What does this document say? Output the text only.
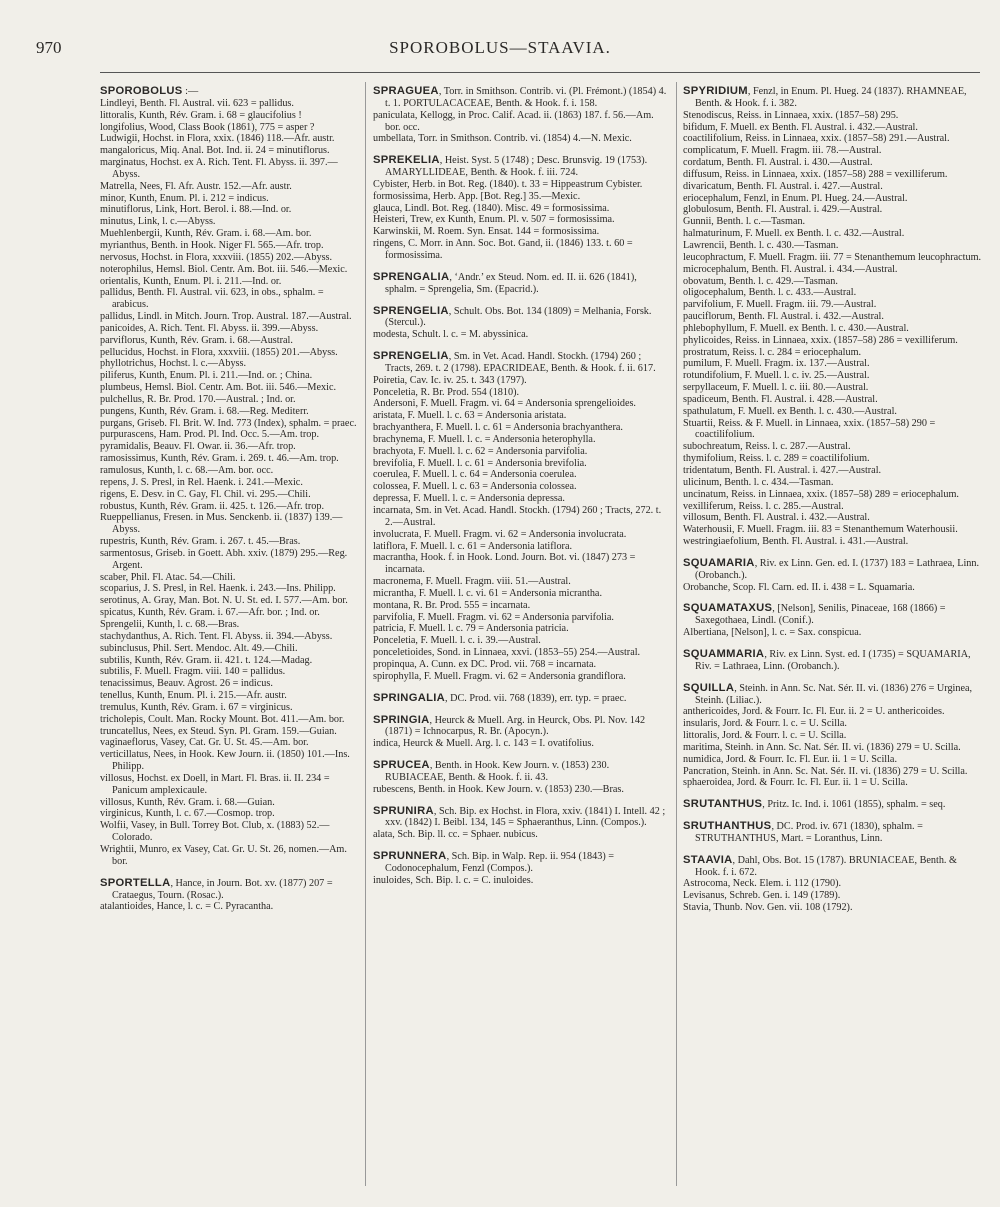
970	SPOROBOLUS—STAAVIA.
SPOROBOLUS :—
Lindleyi, Benth. Fl. Austral. vii. 623 = pallidus.
littoralis, Kunth, Rév. Gram. i. 68 = glaucifolius !
longifolius, Wood, Class Book (1861), 775 = asper ?
Ludwigii, Hochst. in Flora, xxix. (1846) 118.—Afr. austr.
mangaloricus, Miq. Anal. Bot. Ind. ii. 24 = minutiflorus.
marginatus, Hochst. ex A. Rich. Tent. Fl. Abyss. ii. 397.—Abyss.
Matrella, Nees, Fl. Afr. Austr. 152.—Afr. austr.
minor, Kunth, Enum. Pl. i. 212 = indicus.
minutiflorus, Link, Hort. Berol. i. 88.—Ind. or.
minutus, Link, l. c.—Abyss.
Muehlenbergii, Kunth, Rév. Gram. i. 68.—Am. bor.
myrianthus, Benth. in Hook. Niger Fl. 565.—Afr. trop.
nervosus, Hochst. in Flora, xxxviii. (1855) 202.—Abyss.
noterophilus, Hemsl. Biol. Centr. Am. Bot. iii. 546.—Mexic.
orientalis, Kunth, Enum. Pl. i. 211.—Ind. or.
pallidus, Benth. Fl. Austral. vii. 623, in obs., sphalm. = arabicus.
pallidus, Lindl. in Mitch. Journ. Trop. Austral. 187.—Austral.
panicoides, A. Rich. Tent. Fl. Abyss. ii. 399.—Abyss.
parviflorus, Kunth, Rév. Gram. i. 68.—Austral.
pellucidus, Hochst. in Flora, xxxviii. (1855) 201.—Abyss.
phyllotrichus, Hochst. l. c.—Abyss.
piliferus, Kunth, Enum. Pl. i. 211.—Ind. or. ; China.
plumbeus, Hemsl. Biol. Centr. Am. Bot. iii. 546.—Mexic.
pulchellus, R. Br. Prod. 170.—Austral. ; Ind. or.
pungens, Kunth, Rév. Gram. i. 68.—Reg. Mediterr.
purgans, Griseb. Fl. Brit. W. Ind. 773 (Index), sphalm. = praec.
purpurascens, Ham. Prod. Pl. Ind. Occ. 5.—Am. trop.
pyramidalis, Beauv. Fl. Owar. ii. 36.—Afr. trop.
ramosissimus, Kunth, Rév. Gram. i. 269. t. 46.—Am. trop.
ramulosus, Kunth, l. c. 68.—Am. bor. occ.
repens, J. S. Presl, in Rel. Haenk. i. 241.—Mexic.
rigens, E. Desv. in C. Gay, Fl. Chil. vi. 295.—Chili.
robustus, Kunth, Rév. Gram. ii. 425. t. 126.—Afr. trop.
Rueppellianus, Fresen. in Mus. Senckenb. ii. (1837) 139.—Abyss.
rupestris, Kunth, Rév. Gram. i. 267. t. 45.—Bras.
sarmentosus, Griseb. in Goett. Abh. xxiv. (1879) 295.—Reg. Argent.
scaber, Phil. Fl. Atac. 54.—Chili.
scoparius, J. S. Presl, in Rel. Haenk. i. 243.—Ins. Philipp.
serotinus, A. Gray, Man. Bot. N. U. St. ed. I. 577.—Am. bor.
spicatus, Kunth, Rév. Gram. i. 67.—Afr. bor. ; Ind. or.
Sprengelii, Kunth, l. c. 68.—Bras.
stachydanthus, A. Rich. Tent. Fl. Abyss. ii. 394.—Abyss.
subinclusus, Phil. Sert. Mendoc. Alt. 49.—Chili.
subtilis, Kunth, Rév. Gram. ii. 421. t. 124.—Madag.
subtilis, F. Muell. Fragm. viii. 140 = pallidus.
tenacissimus, Beauv. Agrost. 26 = indicus.
tenellus, Kunth, Enum. Pl. i. 215.—Afr. austr.
tremulus, Kunth, Rév. Gram. i. 67 = virginicus.
tricholepis, Coult. Man. Rocky Mount. Bot. 411.—Am. bor.
truncatellus, Nees, ex Steud. Syn. Pl. Gram. 159.—Guian.
vaginaeflorus, Vasey, Cat. Gr. U. St. 45.—Am. bor.
verticillatus, Nees, in Hook. Kew Journ. ii. (1850) 101.—Ins. Philipp.
villosus, Hochst. ex Doell, in Mart. Fl. Bras. ii. II. 234 = Panicum amplexicaule.
villosus, Kunth, Rév. Gram. i. 68.—Guian.
virginicus, Kunth, l. c. 67.—Cosmop. trop.
Wolfii, Vasey, in Bull. Torrey Bot. Club, x. (1883) 52.—Colorado.
Wrightii, Munro, ex Vasey, Cat. Gr. U. St. 26, nomen.—Am. bor.
SPORTELLA, Hance, in Journ. Bot. xv. (1877) 207 = Crataegus, Tourn. (Rosac.).
atalantioides, Hance, l. c. = C. Pyracantha.
SPRAGUEA, Torr. in Smithson. Contrib. vi. (Pl. Frémont.) (1854) 4. t. 1. PORTULACACEAE, Benth. & Hook. f. i. 158.
paniculata, Kellogg, in Proc. Calif. Acad. ii. (1863) 187. f. 56.—Am. bor. occ.
umbellata, Torr. in Smithson. Contrib. vi. (1854) 4.—N. Mexic.
SPREKELIA, Heist. Syst. 5 (1748) ; Desc. Brunsvig. 19 (1753). AMARYLLIDEAE, Benth. & Hook. f. iii. 724.
Cybister, Herb. in Bot. Reg. (1840). t. 33 = Hippeastrum Cybister.
formosissima, Herb. App. [Bot. Reg.] 35.—Mexic.
glauca, Lindl. Bot. Reg. (1840). Misc. 49 = formosissima.
Heisteri, Trew, ex Kunth, Enum. Pl. v. 507 = formosissima.
Karwinskii, M. Roem. Syn. Ensat. 144 = formosissima.
ringens, C. Morr. in Ann. Soc. Bot. Gand, ii. (1846) 133. t. 60 = formosissima.
SPRENGALIA, ‘Andr.’ ex Steud. Nom. ed. II. ii. 626 (1841), sphalm. = Sprengelia, Sm. (Epacrid.).
SPRENGELIA, Schult. Obs. Bot. 134 (1809) = Melhania, Forsk. (Stercul.).
modesta, Schult. l. c. = M. abyssinica.
SPRENGELIA, Sm. in Vet. Acad. Handl. Stockh. (1794) 260 ; Tracts, 269. t. 2 (1798). EPACRIDEAE, Benth. & Hook. f. ii. 617.
Poiretia, Cav. Ic. iv. 25. t. 343 (1797).
Ponceletia, R. Br. Prod. 554 (1810).
Andersoni, F. Muell. Fragm. vi. 64 = Andersonia sprengelioides.
aristata, F. Muell. l. c. 63 = Andersonia aristata.
brachyanthera, F. Muell. l. c. 61 = Andersonia brachyanthera.
brachynema, F. Muell. l. c. = Andersonia heterophylla.
brachyota, F. Muell. l. c. 62 = Andersonia parvifolia.
brevifolia, F. Muell. l. c. 61 = Andersonia brevifolia.
coerulea, F. Muell. l. c. 64 = Andersonia coerulea.
colossea, F. Muell. l. c. 63 = Andersonia colossea.
depressa, F. Muell. l. c. = Andersonia depressa.
incarnata, Sm. in Vet. Acad. Handl. Stockh. (1794) 260 ; Tracts, 272. t. 2.—Austral.
involucrata, F. Muell. Fragm. vi. 62 = Andersonia involucrata.
latiflora, F. Muell. l. c. 61 = Andersonia latiflora.
macrantha, Hook. f. in Hook. Lond. Journ. Bot. vi. (1847) 273 = incarnata.
macronema, F. Muell. Fragm. viii. 51.—Austral.
micrantha, F. Muell. l. c. vi. 61 = Andersonia micrantha.
montana, R. Br. Prod. 555 = incarnata.
parvifolia, F. Muell. Fragm. vi. 62 = Andersonia parvifolia.
patricia, F. Muell. l. c. 79 = Andersonia patricia.
Ponceletia, F. Muell. l. c. i. 39.—Austral.
ponceletioides, Sond. in Linnaea, xxvi. (1853–55) 254.—Austral.
propinqua, A. Cunn. ex DC. Prod. vii. 768 = incarnata.
spirophylla, F. Muell. Fragm. vi. 62 = Andersonia grandiflora.
SPRINGALIA, DC. Prod. vii. 768 (1839), err. typ. = praec.
SPRINGIA, Heurck & Muell. Arg. in Heurck, Obs. Pl. Nov. 142 (1871) = Ichnocarpus, R. Br. (Apocyn.).
indica, Heurck & Muell. Arg. l. c. 143 = I. ovatifolius.
SPRUCEA, Benth. in Hook. Kew Journ. v. (1853) 230. RUBIACEAE, Benth. & Hook. f. ii. 43.
rubescens, Benth. in Hook. Kew Journ. v. (1853) 230.—Bras.
SPRUNIRA, Sch. Bip. ex Hochst. in Flora, xxiv. (1841) I. Intell. 42 ; xxv. (1842) I. Beibl. 134, 145 = Sphaeranthus, Linn. (Compos.).
alata, Sch. Bip. ll. cc. = Sphaer. nubicus.
SPRUNNERA, Sch. Bip. in Walp. Rep. ii. 954 (1843) = Codonocephalum, Fenzl (Compos.).
inuloides, Sch. Bip. l. c. = C. inuloides.
SPYRIDIUM, Fenzl, in Enum. Pl. Hueg. 24 (1837). RHAMNEAE, Benth. & Hook. f. i. 382.
Stenodiscus, Reiss. in Linnaea, xxix. (1857–58) 295.
bifidum, F. Muell. ex Benth. Fl. Austral. i. 432.—Austral.
coactilifolium, Reiss. in Linnaea, xxix. (1857–58) 291.—Austral.
complicatum, F. Muell. Fragm. iii. 78.—Austral.
cordatum, Benth. Fl. Austral. i. 430.—Austral.
diffusum, Reiss. in Linnaea, xxix. (1857–58) 288 = vexilliferum.
divaricatum, Benth. Fl. Austral. i. 427.—Austral.
eriocephalum, Fenzl, in Enum. Pl. Hueg. 24.—Austral.
globulosum, Benth. Fl. Austral. i. 429.—Austral.
Gunnii, Benth. l. c.—Tasman.
halmaturinum, F. Muell. ex Benth. l. c. 432.—Austral.
Lawrencii, Benth. l. c. 430.—Tasman.
leucophractum, F. Muell. Fragm. iii. 77 = Stenanthemum leucophractum.
microcephalum, Benth. Fl. Austral. i. 434.—Austral.
obovatum, Benth. l. c. 429.—Tasman.
oligocephalum, Benth. l. c. 433.—Austral.
parvifolium, F. Muell. Fragm. iii. 79.—Austral.
pauciflorum, Benth. Fl. Austral. i. 432.—Austral.
phlebophyllum, F. Muell. ex Benth. l. c. 430.—Austral.
phylicoides, Reiss. in Linnaea, xxix. (1857–58) 286 = vexilliferum.
prostratum, Reiss. l. c. 284 = eriocephalum.
pumilum, F. Muell. Fragm. ix. 137.—Austral.
rotundifolium, F. Muell. l. c. iv. 25.—Austral.
serpyllaceum, F. Muell. l. c. iii. 80.—Austral.
spadiceum, Benth. Fl. Austral. i. 428.—Austral.
spathulatum, F. Muell. ex Benth. l. c. 430.—Austral.
Stuartii, Reiss. & F. Muell. in Linnaea, xxix. (1857–58) 290 = coactilifolium.
subochreatum, Reiss. l. c. 287.—Austral.
thymifolium, Reiss. l. c. 289 = coactilifolium.
tridentatum, Benth. Fl. Austral. i. 427.—Austral.
ulicinum, Benth. l. c. 434.—Tasman.
uncinatum, Reiss. in Linnaea, xxix. (1857–58) 289 = eriocephalum.
vexilliferum, Reiss. l. c. 285.—Austral.
villosum, Benth. Fl. Austral. i. 432.—Austral.
Waterhousii, F. Muell. Fragm. iii. 83 = Stenanthemum Waterhousii.
westringiaefolium, Benth. Fl. Austral. i. 431.—Austral.
SQUAMARIA, Riv. ex Linn. Gen. ed. I. (1737) 183 = Lathraea, Linn. (Orobanch.).
Orobanche, Scop. Fl. Carn. ed. II. i. 438 = L. Squamaria.
SQUAMATAXUS, [Nelson], Senilis, Pinaceae, 168 (1866) = Saxegothaea, Lindl. (Conif.).
Albertiana, [Nelson], l. c. = Sax. conspicua.
SQUAMMARIA, Riv. ex Linn. Syst. ed. I (1735) = SQUAMARIA, Riv. = Lathraea, Linn. (Orobanch.).
SQUILLA, Steinh. in Ann. Sc. Nat. Sér. II. vi. (1836) 276 = Urginea, Steinh. (Liliac.).
anthericoides, Jord. & Fourr. Ic. Fl. Eur. ii. 2 = U. anthericoides.
insularis, Jord. & Fourr. l. c. = U. Scilla.
littoralis, Jord. & Fourr. l. c. = U. Scilla.
maritima, Steinh. in Ann. Sc. Nat. Sér. II. vi. (1836) 279 = U. Scilla.
numidica, Jord. & Fourr. Ic. Fl. Eur. ii. 1 = U. Scilla.
Pancration, Steinh. in Ann. Sc. Nat. Sér. II. vi. (1836) 279 = U. Scilla.
sphaeroidea, Jord. & Fourr. Ic. Fl. Eur. ii. 1 = U. Scilla.
SRUTANTHUS, Pritz. Ic. Ind. i. 1061 (1855), sphalm. = seq.
SRUTHANTHUS, DC. Prod. iv. 671 (1830), sphalm. = STRUTHANTHUS, Mart. = Loranthus, Linn.
STAAVIA, Dahl, Obs. Bot. 15 (1787). BRUNIACEAE, Benth. & Hook. f. i. 672.
Astrocoma, Neck. Elem. i. 112 (1790).
Levisanus, Schreb. Gen. i. 149 (1789).
Stavia, Thunb. Nov. Gen. vii. 108 (1792).
